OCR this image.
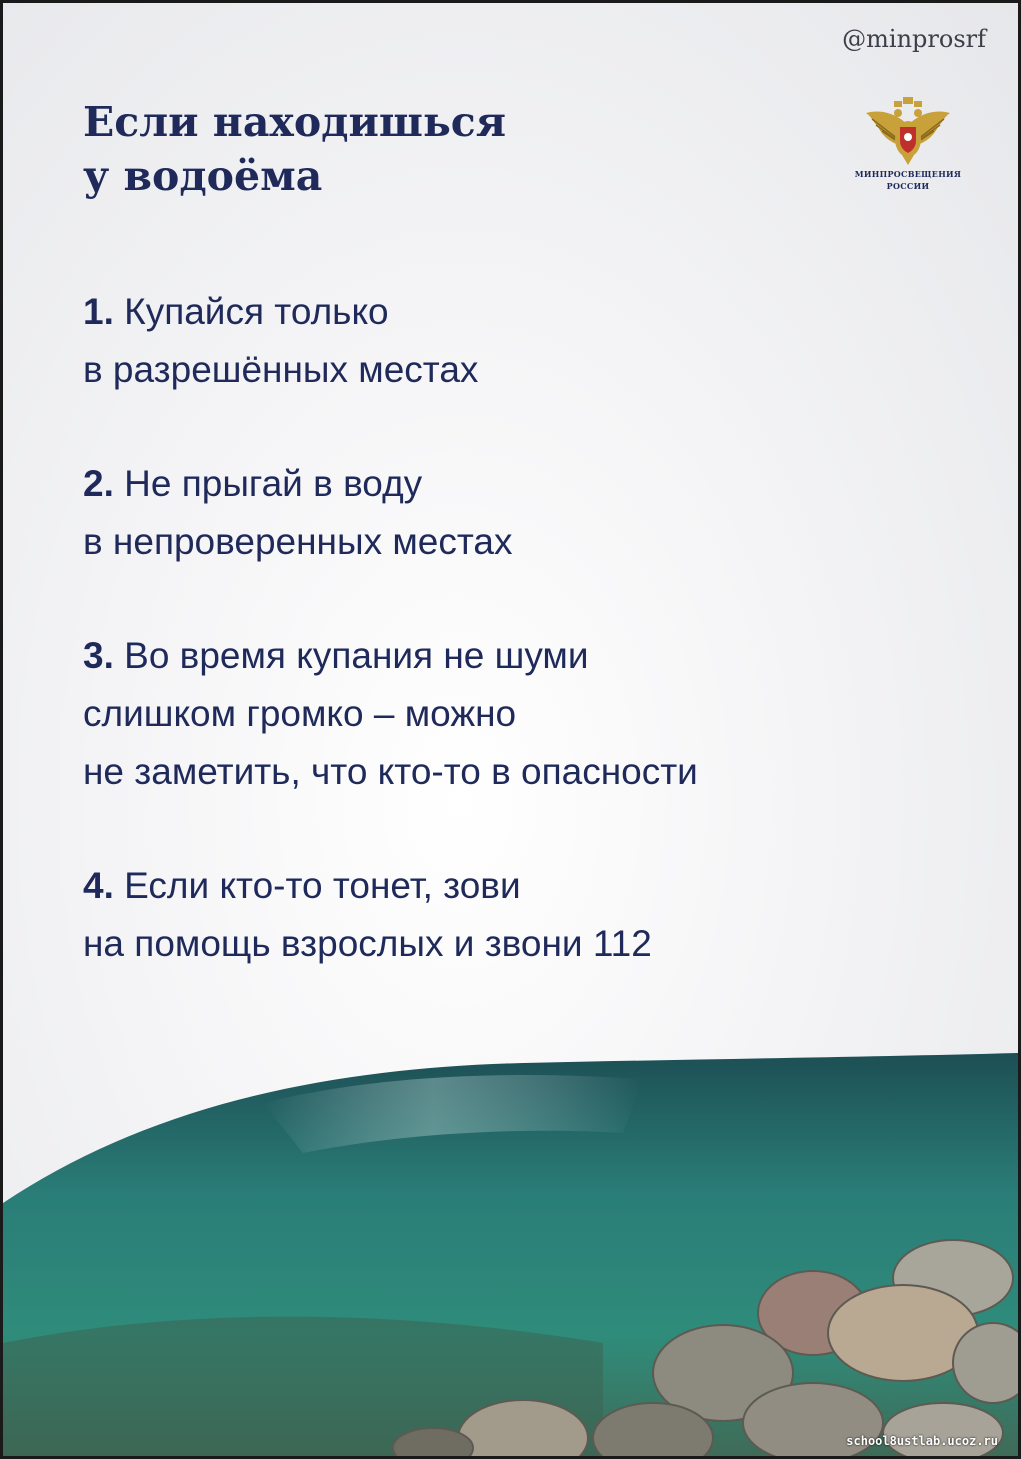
@minprosrf
Если находишься
у водоёма	МИНПРОСВЕЩЕНИЯ
РОССИИ
1. Купайся только
в разрешённых местах
2. Не прыгай в воду
в непроверенных местах
3. Во время купания не шуми
слишком громко – можно
не заметить, что кто-то в опасности
4. Если кто-то тонет, зови
на помощь взрослых и звони 112
school8ustlab.ucoz.ru
